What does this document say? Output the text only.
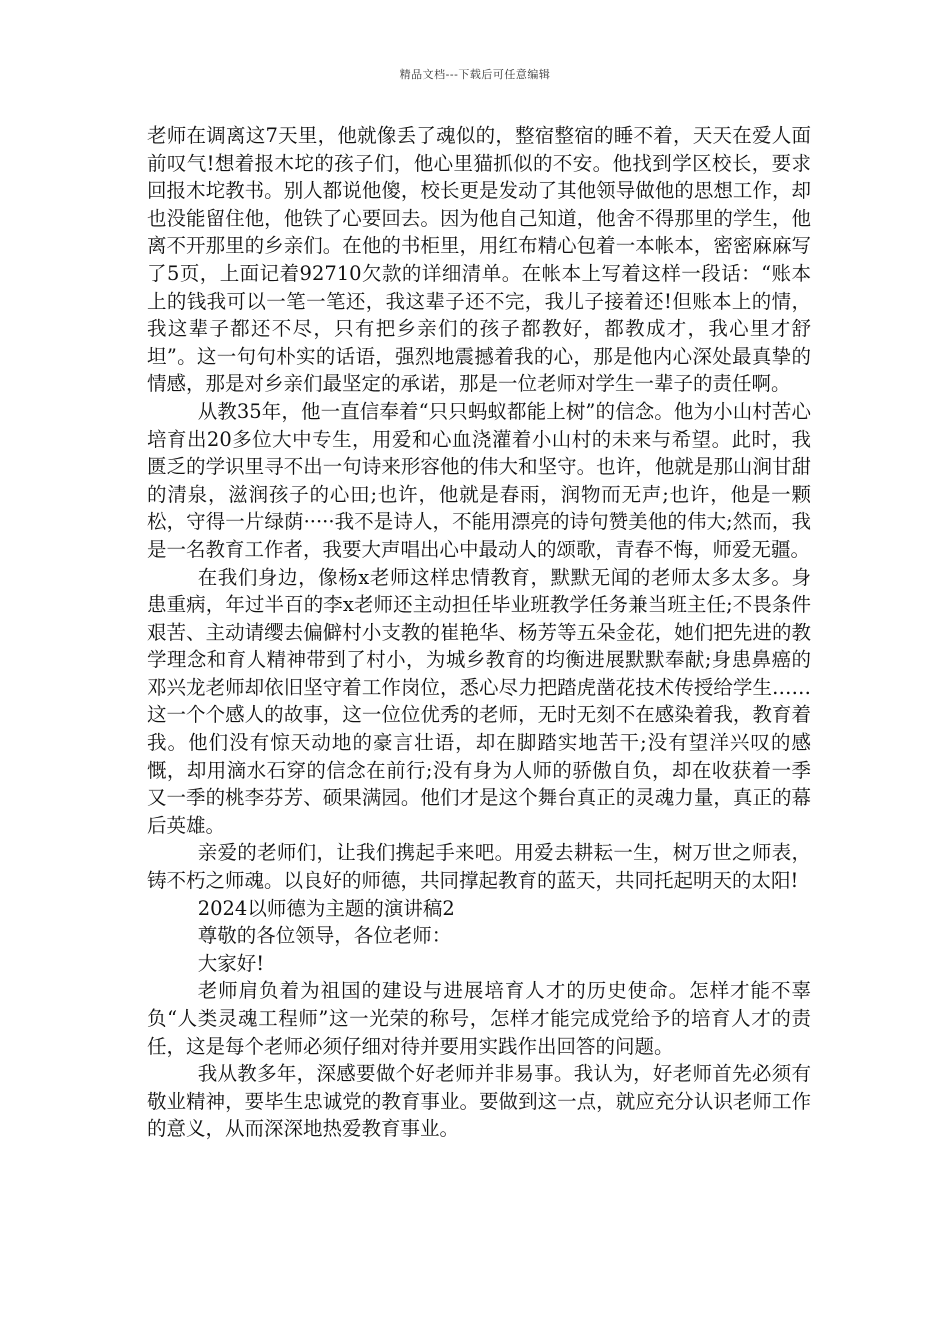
精品文档---下载后可任意编辑

老师在调离这7天里，他就像丢了魂似的，整宿整宿的睡不着，天天在爱人面前叹气!想着报木坨的孩子们，他心里猫抓似的不安。他找到学区校长，要求回报木坨教书。别人都说他傻，校长更是发动了其他领导做他的思想工作，却也没能留住他，他铁了心要回去。因为他自己知道，他舍不得那里的学生，他离不开那里的乡亲们。在他的书柜里，用红布精心包着一本帐本，密密麻麻写了5页，上面记着92710欠款的详细清单。在帐本上写着这样一段话：“账本上的钱我可以一笔一笔还，我这辈子还不完，我儿子接着还!但账本上的情，我这辈子都还不尽，只有把乡亲们的孩子都教好，都教成才，我心里才舒坦”。这一句句朴实的话语，强烈地震撼着我的心，那是他内心深处最真挚的情感，那是对乡亲们最坚定的承诺，那是一位老师对学生一辈子的责任啊。

从教35年，他一直信奉着“只只蚂蚁都能上树”的信念。他为小山村苦心培育出20多位大中专生，用爱和心血浇灌着小山村的未来与希望。此时，我匮乏的学识里寻不出一句诗来形容他的伟大和坚守。也许，他就是那山涧甘甜的清泉，滋润孩子的心田;也许，他就是春雨，润物而无声;也许，他是一颗松，守得一片绿荫·····我不是诗人，不能用漂亮的诗句赞美他的伟大;然而，我是一名教育工作者，我要大声唱出心中最动人的颂歌，青春不悔，师爱无疆。

在我们身边，像杨x老师这样忠情教育，默默无闻的老师太多太多。身患重病，年过半百的李x老师还主动担任毕业班教学任务兼当班主任;不畏条件艰苦、主动请缨去偏僻村小支教的崔艳华、杨芳等五朵金花，她们把先进的教学理念和育人精神带到了村小，为城乡教育的均衡进展默默奉献;身患鼻癌的邓兴龙老师却依旧坚守着工作岗位，悉心尽力把踏虎凿花技术传授给学生……这一个个感人的故事，这一位位优秀的老师，无时无刻不在感染着我，教育着我。他们没有惊天动地的豪言壮语，却在脚踏实地苦干;没有望洋兴叹的感慨，却用滴水石穿的信念在前行;没有身为人师的骄傲自负，却在收获着一季又一季的桃李芬芳、硕果满园。他们才是这个舞台真正的灵魂力量，真正的幕后英雄。

亲爱的老师们，让我们携起手来吧。用爱去耕耘一生，树万世之师表，铸不朽之师魂。以良好的师德，共同撑起教育的蓝天，共同托起明天的太阳!

2024以师德为主题的演讲稿2

尊敬的各位领导，各位老师：

大家好!

老师肩负着为祖国的建设与进展培育人才的历史使命。怎样才能不辜负“人类灵魂工程师”这一光荣的称号，怎样才能完成党给予的培育人才的责任，这是每个老师必须仔细对待并要用实践作出回答的问题。

我从教多年，深感要做个好老师并非易事。我认为，好老师首先必须有敬业精神，要毕生忠诚党的教育事业。要做到这一点，就应充分认识老师工作的意义，从而深深地热爱教育事业。
